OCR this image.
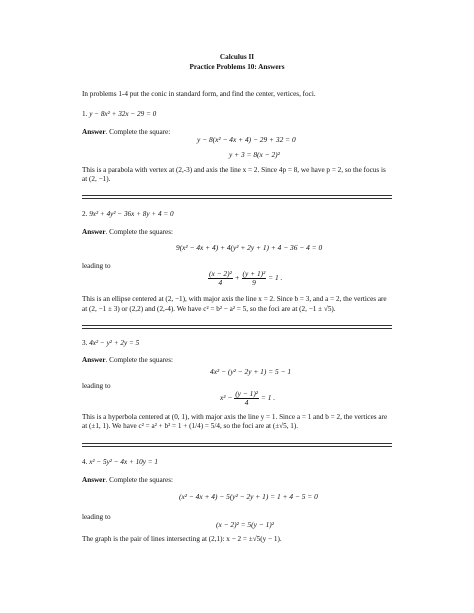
Calculus II
Practice Problems 10: Answers
In problems 1-4 put the conic in standard form, and find the center, vertices, foci.
1. y − 8x² + 32x − 29 = 0
Answer. Complete the square:
y − 8(x² − 4x + 4) − 29 + 32 = 0
y + 3 = 8(x − 2)²
This is a parabola with vertex at (2,-3) and axis the line x = 2. Since 4p = 8, we have p = 2, so the focus is
at (2, −1).
2. 9x² + 4y² − 36x + 8y + 4 = 0
Answer. Complete the squares:
9(x² − 4x + 4) + 4(y² + 2y + 1) + 4 − 36 − 4 = 0
leading to
$\frac{\text{(x − 2)²}}{4} + \frac{\text{(y + 1)²}}{9} = 1$ .
This is an ellipse centered at (2, −1), with major axis the line x = 2. Since b = 3, and a = 2, the vertices are
at (2, −1 ± 3) or (2,2) and (2,-4). We have c² = b² − a² = 5, so the foci are at (2, −1 ± √5).
3. 4x² − y² + 2y = 5
Answer. Complete the squares:
4x² − (y² − 2y + 1) = 5 − 1
leading to
$x^2 - \frac{\text{(y − 1)²}}{4} = 1$ .
This is a hyperbola centered at (0, 1), with major axis the line y = 1. Since a = 1 and b = 2, the vertices are
at (±1, 1). We have c² = a² + b² = 1 + (1/4) = 5/4, so the foci are at (±√5, 1).
4. x² − 5y² − 4x + 10y = 1
Answer. Complete the squares:
(x² − 4x + 4) − 5(y² − 2y + 1) = 1 + 4 − 5 = 0
leading to
(x − 2)² = 5(y − 1)²
The graph is the pair of lines intersecting at (2,1): x − 2 = ±√5(y − 1).
